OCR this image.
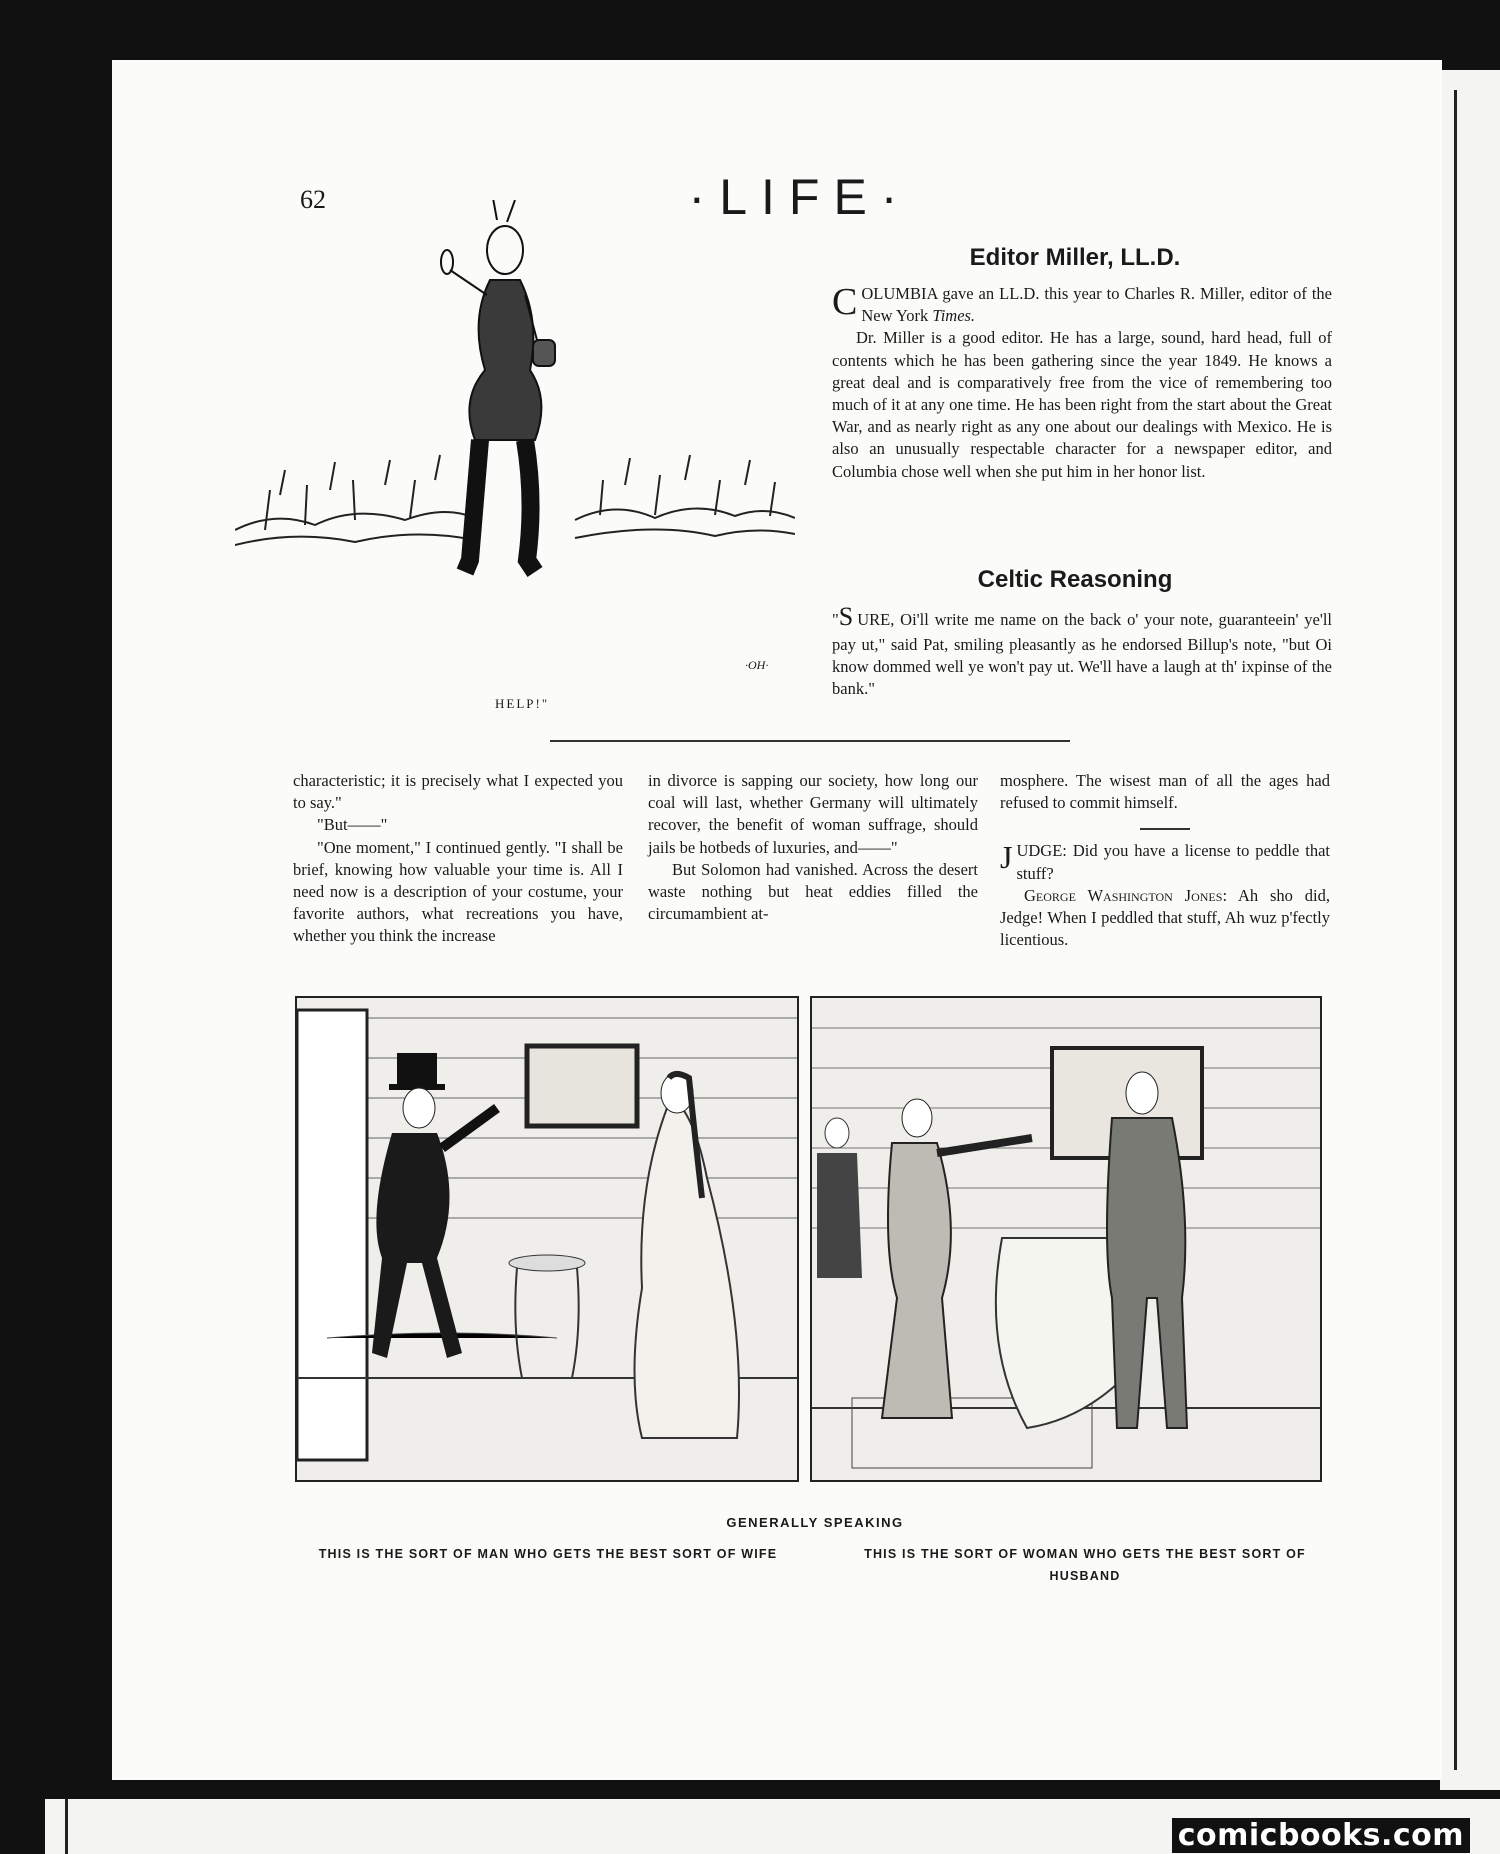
62	·LIFE·
HELP!"
·OH·
Editor Miller, LL.D.

COLUMBIA gave an LL.D. this year to Charles R. Miller, editor of the New York Times.

Dr. Miller is a good editor. He has a large, sound, hard head, full of contents which he has been gathering since the year 1849. He knows a great deal and is comparatively free from the vice of remembering too much of it at any one time. He has been right from the start about the Great War, and as nearly right as any one about our dealings with Mexico. He is also an unusually respectable character for a newspaper editor, and Columbia chose well when she put him in her honor list.

Celtic Reasoning

"S URE, Oi'll write me name on the back o' your note, guaranteein' ye'll pay ut," said Pat, smiling pleasantly as he endorsed Billup's note, "but Oi know dommed well ye won't pay ut. We'll have a laugh at th' ixpinse of the bank."

characteristic; it is precisely what I expected you to say."

"But——"

"One moment," I continued gently. "I shall be brief, knowing how valuable your time is. All I need now is a description of your costume, your favorite authors, what recreations you have, whether you think the increase

in divorce is sapping our society, how long our coal will last, whether Germany will ultimately recover, the benefit of woman suffrage, should jails be hotbeds of luxuries, and——"

But Solomon had vanished. Across the desert waste nothing but heat eddies filled the circumambient at-

mosphere. The wisest man of all the ages had refused to commit himself.

JUDGE: Did you have a license to peddle that stuff?

George Washington Jones: Ah sho did, Jedge! When I peddled that stuff, Ah wuz p'fectly licentious.

GENERALLY SPEAKING
THIS IS THE SORT OF MAN WHO GETS THE BEST SORT OF WIFE	THIS IS THE SORT OF WOMAN WHO GETS THE BEST SORT OF HUSBAND
comicbooks.com
